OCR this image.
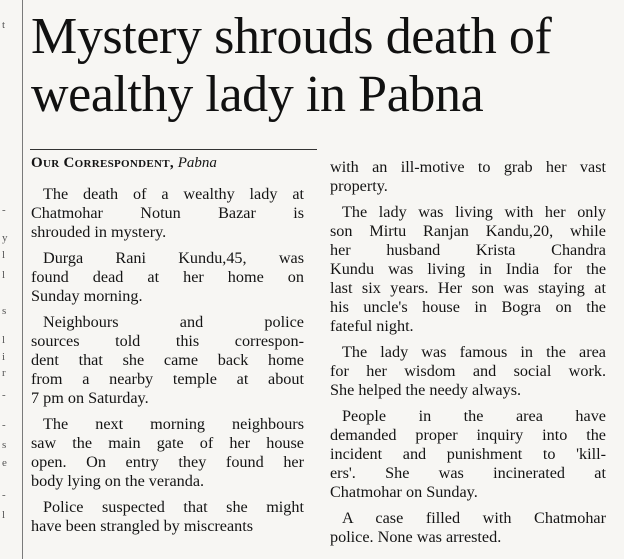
t
-
y
l
l
s
l
i
r
-
-
s
e
-
l
Mystery shrouds death of
wealthy lady in Pabna
Our Correspondent, Pabna

The death of a wealthy lady at
Chatmohar Notun Bazar is
shrouded in mystery.

Durga Rani Kundu,45, was
found dead at her home on
Sunday morning.

Neighbours and police
sources told this correspon-
dent that she came back home
from a nearby temple at about
7 pm on Saturday.

The next morning neighbours
saw the main gate of her house
open. On entry they found her
body lying on the veranda.

Police suspected that she might
have been strangled by miscreants

with an ill-motive to grab her vast
property.

The lady was living with her only
son Mirtu Ranjan Kandu,20, while
her husband Krista Chandra
Kundu was living in India for the
last six years. Her son was staying at
his uncle's house in Bogra on the
fateful night.

The lady was famous in the area
for her wisdom and social work.
She helped the needy always.

People in the area have
demanded proper inquiry into the
incident and punishment to 'kill-
ers'. She was incinerated at
Chatmohar on Sunday.

A case filled with Chatmohar
police. None was arrested.
